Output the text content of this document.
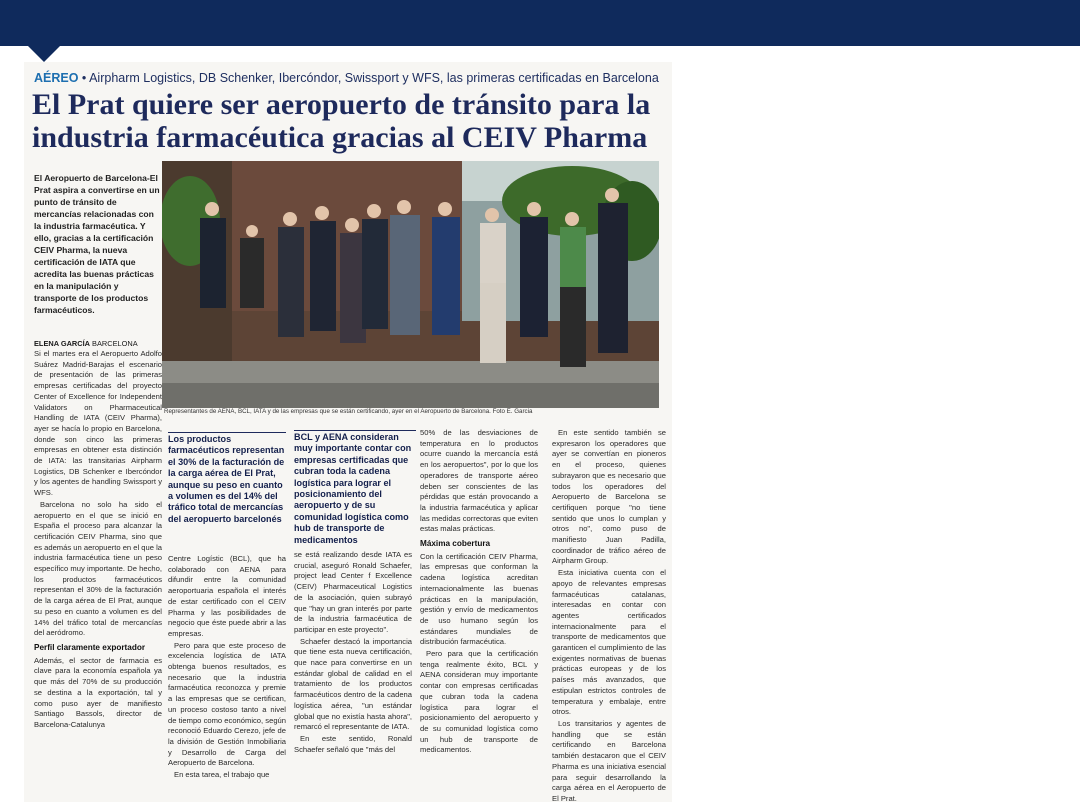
AÉREO • Airpharm Logistics, DB Schenker, Ibercóndor, Swissport y WFS, las primeras certificadas en Barcelona
El Prat quiere ser aeropuerto de tránsito para la
industria farmacéutica gracias al CEIV Pharma
El Aeropuerto de Barcelona-El Prat aspira a convertirse en un punto de tránsito de mercancías relacionadas con la industria farmacéutica. Y ello, gracias a la certificación CEIV Pharma, la nueva certificación de IATA que acredita las buenas prácticas en la manipulación y transporte de los productos farmacéuticos.
Representantes de AENA, BCL, IATA y de las empresas que se están certificando, ayer en el Aeropuerto de Barcelona. Foto E. Garcia
ELENA GARCÍA BARCELONA

Si el martes era el Aeropuerto Adolfo Suárez Madrid-Barajas el escenario de presentación de las primeras empresas certificadas del proyecto Center of Excellence for Independent Validators on Pharmaceutical Handling de IATA (CEIV Pharma), ayer se hacía lo propio en Barcelona, donde son cinco las primeras empresas en obtener esta distinción de IATA: las transitarias Airpharm Logistics, DB Schenker e Ibercóndor y los agentes de handling Swissport y WFS.

Barcelona no solo ha sido el aeropuerto en el que se inició en España el proceso para alcanzar la certificación CEIV Pharma, sino que es además un aeropuerto en el que la industria farmacéutica tiene un peso específico muy importante. De hecho, los productos farmacéuticos representan el 30% de la facturación de la carga aérea de El Prat, aunque su peso en cuanto a volumen es del 14% del tráfico total de mercancías del aeródromo.

Perfil claramente exportador

Además, el sector de farmacia es clave para la economía española ya que más del 70% de su producción se destina a la exportación, tal y como puso ayer de manifiesto Santiago Bassols, director de Barcelona-Catalunya

Los productos farmacéuticos representan el 30% de la facturación de la carga aérea de El Prat, aunque su peso en cuanto a volumen es del 14% del tráfico total de mercancías del aeropuerto barcelonés
BCL y AENA consideran muy importante contar con empresas certificadas que cubran toda la cadena logística para lograr el posicionamiento del aeropuerto y de su comunidad logística como hub de transporte de medicamentos

Centre Logístic (BCL), que ha colaborado con AENA para difundir entre la comunidad aeroportuaria española el interés de estar certificado con el CEIV Pharma y las posibilidades de negocio que éste puede abrir a las empresas.

Pero para que este proceso de excelencia logística de IATA obtenga buenos resultados, es necesario que la industria farmacéutica reconozca y premie a las empresas que se certifican, un proceso costoso tanto a nivel de tiempo como económico, según reconoció Eduardo Cerezo, jefe de la división de Gestión Inmobiliaria y Desarrollo de Carga del Aeropuerto de Barcelona.

En esta tarea, el trabajo que

se está realizando desde IATA es crucial, aseguró Ronald Schaefer, project lead Center f Excellence (CEIV) Pharmaceutical Logistics de la asociación, quien subrayó que "hay un gran interés por parte de la industria farmacéutica de participar en este proyecto".

Schaefer destacó la importancia que tiene esta nueva certificación, que nace para convertirse en un estándar global de calidad en el tratamiento de los productos farmacéuticos dentro de la cadena logística aérea, "un estándar global que no existía hasta ahora", remarcó el representante de IATA.

En este sentido, Ronald Schaefer señaló que "más del

50% de las desviaciones de temperatura en lo productos ocurre cuando la mercancía está en los aeropuertos", por lo que los operadores de transporte aéreo deben ser conscientes de las pérdidas que están provocando a la industria farmacéutica y aplicar las medidas correctoras que eviten estas malas prácticas.

Máxima cobertura

Con la certificación CEIV Pharma, las empresas que conforman la cadena logística acreditan internacionalmente las buenas prácticas en la manipulación, gestión y envío de medicamentos de uso humano según los estándares mundiales de distribución farmacéutica.

Pero para que la certificación tenga realmente éxito, BCL y AENA consideran muy importante contar con empresas certificadas que cubran toda la cadena logística para lograr el posicionamiento del aeropuerto y de su comunidad logística como un hub de transporte de medicamentos.

En este sentido también se expresaron los operadores que ayer se convertían en pioneros en el proceso, quienes subrayaron que es necesario que todos los operadores del Aeropuerto de Barcelona se certifiquen porque "no tiene sentido que unos lo cumplan y otros no", como puso de manifiesto Juan Padilla, coordinador de tráfico aéreo de Airpharm Group.

Esta iniciativa cuenta con el apoyo de relevantes empresas farmacéuticas catalanas, interesadas en contar con agentes certificados internacionalmente para el transporte de medicamentos que garanticen el cumplimiento de las exigentes normativas de buenas prácticas europeas y de los países más avanzados, que estipulan estrictos controles de temperatura y embalaje, entre otros.

Los transitarios y agentes de handling que se están certificando en Barcelona también destacaron que el CEIV Pharma es una iniciativa esencial para seguir desarrollando la carga aérea en el Aeropuerto de El Prat.
